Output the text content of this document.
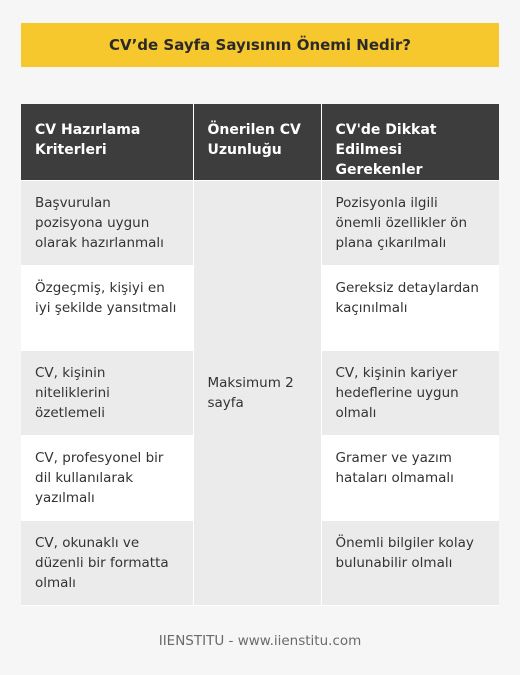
CV’de Sayfa Sayısının Önemi Nedir?
CV Hazırlama Kriterleri	Önerilen CV Uzunluğu	CV'de Dikkat Edilmesi Gerekenler
Başvurulan pozisyona uygun olarak hazırlanmalı	Maksimum 2 sayfa	Pozisyonla ilgili önemli özellikler ön plana çıkarılmalı
Özgeçmiş, kişiyi en iyi şekilde yansıtmalı		Gereksiz detaylardan kaçınılmalı
CV, kişinin niteliklerini özetlemeli		CV, kişinin kariyer hedeflerine uygun olmalı
CV, profesyonel bir dil kullanılarak yazılmalı		Gramer ve yazım hataları olmamalı
CV, okunaklı ve düzenli bir formatta olmalı		Önemli bilgiler kolay bulunabilir olmalı
IIENSTITU - www.iienstitu.com
